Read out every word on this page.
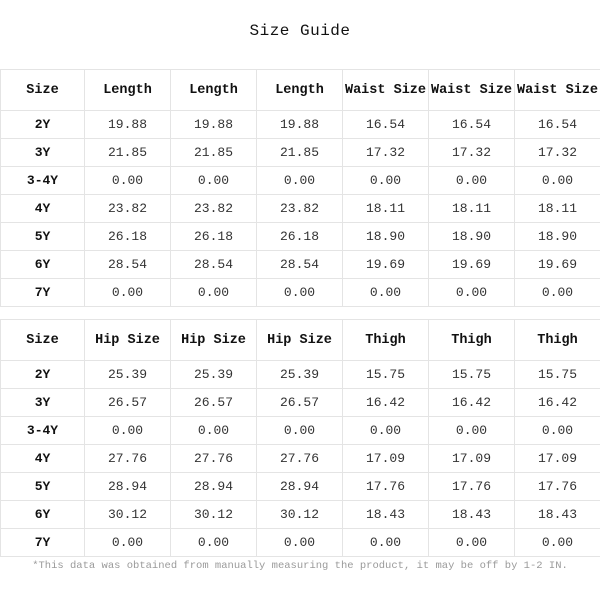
Size Guide
Size	Length	Length	Length	Waist Size	Waist Size	Waist Size
2Y	19.88	19.88	19.88	16.54	16.54	16.54
3Y	21.85	21.85	21.85	17.32	17.32	17.32
3-4Y	0.00	0.00	0.00	0.00	0.00	0.00
4Y	23.82	23.82	23.82	18.11	18.11	18.11
5Y	26.18	26.18	26.18	18.90	18.90	18.90
6Y	28.54	28.54	28.54	19.69	19.69	19.69
7Y	0.00	0.00	0.00	0.00	0.00	0.00
Size	Hip Size	Hip Size	Hip Size	Thigh	Thigh	Thigh
2Y	25.39	25.39	25.39	15.75	15.75	15.75
3Y	26.57	26.57	26.57	16.42	16.42	16.42
3-4Y	0.00	0.00	0.00	0.00	0.00	0.00
4Y	27.76	27.76	27.76	17.09	17.09	17.09
5Y	28.94	28.94	28.94	17.76	17.76	17.76
6Y	30.12	30.12	30.12	18.43	18.43	18.43
7Y	0.00	0.00	0.00	0.00	0.00	0.00
*This data was obtained from manually measuring the product, it may be off by 1-2 IN.
